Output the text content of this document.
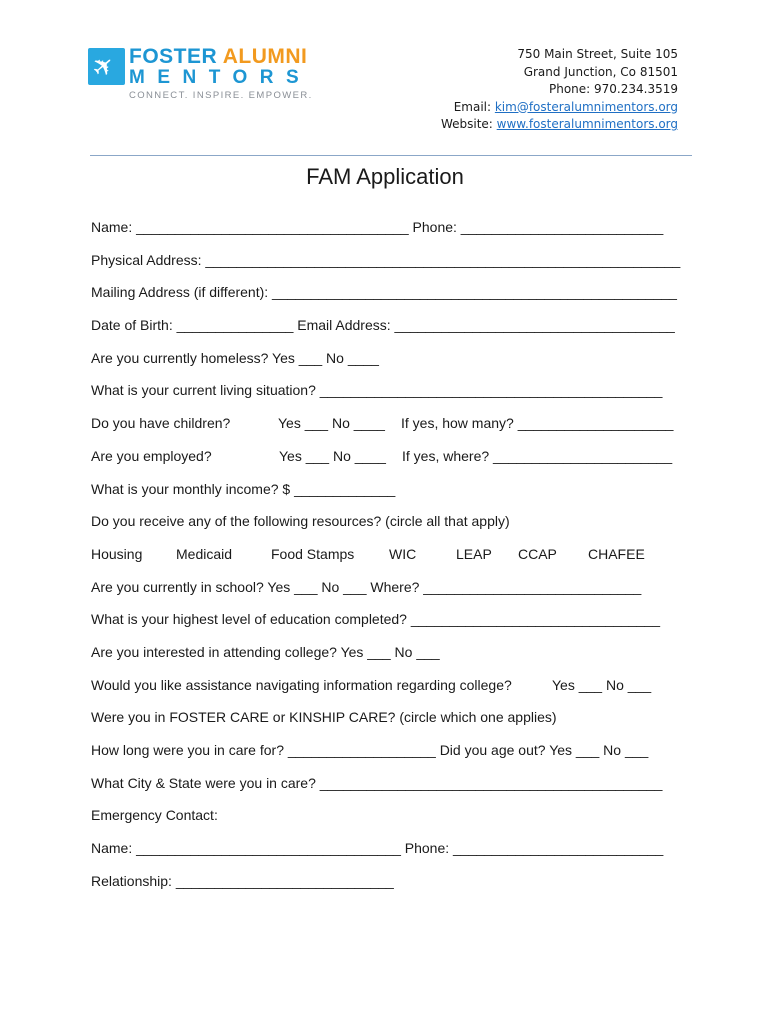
✈ FOSTER ALUMNI
MENTORS
CONNECT. INSPIRE. EMPOWER.
750 Main Street, Suite 105
Grand Junction, Co 81501
Phone: 970.234.3519
Email: kim@fosteralumnimentors.org
Website: www.fosteralumnimentors.org
FAM Application
Name: ___________________________________ Phone: __________________________
Physical Address: _____________________________________________________________
Mailing Address (if different): ____________________________________________________
Date of Birth: _______________ Email Address: ____________________________________
Are you currently homeless? Yes ___ No ____
What is your current living situation? ____________________________________________
Do you have children?	Yes ___ No ____ If yes, how many? ____________________
Are you employed?	Yes ___ No ____ If yes, where? _______________________
What is your monthly income? $ _____________
Do you receive any of the following resources? (circle all that apply)
Housing Medicaid	Food Stamps WIC	LEAP CCAP CHAFEE
Are you currently in school? Yes ___ No ___ Where? ____________________________
What is your highest level of education completed? ________________________________
Are you interested in attending college? Yes ___ No ___
Would you like assistance navigating information regarding college?	Yes ___ No ___
Were you in FOSTER CARE or KINSHIP CARE? (circle which one applies)
How long were you in care for? ___________________ Did you age out? Yes ___ No ___
What City & State were you in care? ____________________________________________
Emergency Contact:
Name: __________________________________ Phone: ___________________________
Relationship: ____________________________
